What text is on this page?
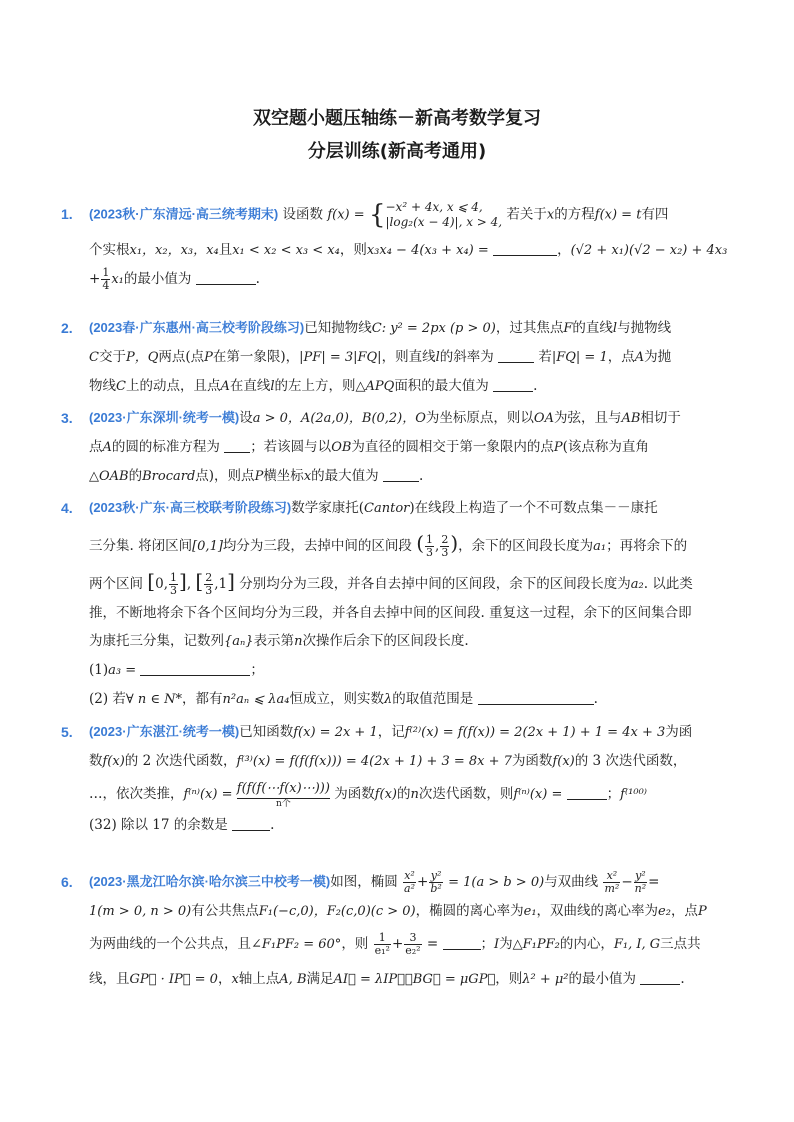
双空题小题压轴练－新高考数学复习
分层训练(新高考通用)
1.	(2023秋·广东清远·高三统考期末) 设函数 f(x) = { −x² + 4x, x ⩽ 4,
|log₂(x − 4)|, x > 4, 若关于x的方程f(x) = t有四
个实根x₁，x₂，x₃，x₄且x₁ < x₂ < x₃ < x₄，则x₃x₄ − 4(x₃ + x₄) =	，(√2 + x₁)(√2 − x₂) + 4x₃
+ $\frac{1}{4} x_1$的最小值为	.
2.	(2023春·广东惠州·高三校考阶段练习)已知抛物线C: y² = 2px (p > 0)，过其焦点F的直线l与抛物线
C交于P，Q两点(点P在第一象限)，|PF| = 3|FQ|，则直线l的斜率为	若|FQ| = 1，点A为抛
物线C上的动点，且点A在直线l的左上方，则△APQ面积的最大值为	.
3.	(2023·广东深圳·统考一模)设a > 0，A(2a,0)，B(0,2)，O为坐标原点，则以OA为弦，且与AB相切于
点A的圆的标准方程为 ；若该圆与以OB为直径的圆相交于第一象限内的点P(该点称为直角
△OAB的Brocard点)，则点P横坐标x的最大值为	.
4.	(2023秋·广东·高三校联考阶段练习)数学家康托(Cantor)在线段上构造了一个不可数点集－－康托
三分集. 将闭区间[0,1]均分为三段，去掉中间的区间段 ( $\frac{1}{3}$ , $\frac{2}{3}$ )，余下的区间段长度为a₁；再将余下的
两个区间 [0, $\frac{1}{3}$ ], [ $\frac{2}{3} ,1$] 分别均分为三段，并各自去掉中间的区间段，余下的区间段长度为a₂. 以此类
推，不断地将余下各个区间均分为三段，并各自去掉中间的区间段. 重复这一过程，余下的区间集合即
为康托三分集，记数列{aₙ}表示第n次操作后余下的区间段长度.
(1)a₃ =	；
(2) 若∀ n ∈ N*，都有n²aₙ ⩽ λa₄恒成立，则实数λ的取值范围是	.
5.	(2023·广东湛江·统考一模)已知函数f(x) = 2x + 1，记f⁽²⁾(x) = f(f(x)) = 2(2x + 1) + 1 = 4x + 3为函
数f(x)的 2 次迭代函数，f⁽³⁾(x) = f(f(f(x))) = 4(2x + 1) + 3 = 8x + 7为函数f(x)的 3 次迭代函数，
…，依次类推，f⁽ⁿ⁾(x) = f(f(f(⋯f(x)⋯)))
n个
为函数f(x)的n次迭代函数，则f⁽ⁿ⁾(x) =	；f⁽¹⁰⁰⁾
(32) 除以 17 的余数是	.
6.	(2023·黑龙江哈尔滨·哈尔滨三中校考一模)如图，椭圆 $\frac{\text{x²}}{\text{a²}} + \frac{\text{y²}}{\text{b²}} = 1(a > b > 0)$与双曲线 $\frac{\text{x²}}{\text{m²}} - \frac{\text{y²}}{\text{n²}}$ =
1(m > 0, n > 0)有公共焦点F₁(−c,0)，F₂(c,0)(c > 0)，椭圆的离心率为e₁，双曲线的离心率为e₂，点P
为两曲线的一个公共点，且∠F₁PF₂ = 60°，则 $\frac{1}{\text{e₁²}} + \frac{3}{\text{e₂²}}$ =	；I为△F₁PF₂的内心，F₁, I, G三点共
线，且GP⃗ · IP⃗ = 0，x轴上点A, B满足AI⃗ = λIP⃗，BG⃗ = μGP⃗，则λ² + μ²的最小值为	.
